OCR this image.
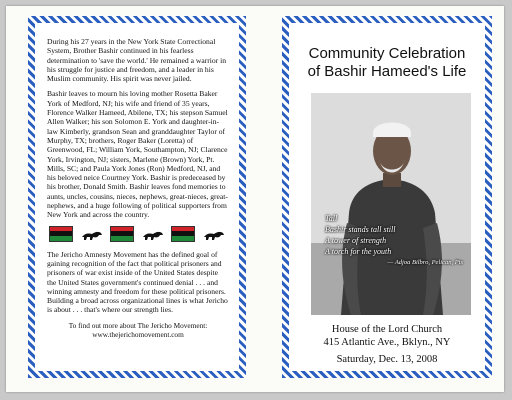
During his 27 years in the New York State Correctional System, Brother Bashir continued in his fearless determination to 'save the world.' He remained a warrior in his struggle for justice and freedom, and a leader in his Muslim community. His spirit was never jailed.

Bashir leaves to mourn his loving mother Rosetta Baker York of Medford, NJ; his wife and friend of 35 years, Florence Walker Hameed, Abilene, TX; his stepson Samuel Allen Walker; his son Solomon E. York and daughter-in-law Kimberly, grandson Sean and granddaughter Taylor of Murphy, TX; brothers, Roger Baker (Loretta) of Greenwood, FL; William York, Southampton, NJ; Clarence York, Irvington, NJ; sisters, Marlene (Brown) York, Pt. Mills, SC; and Paula York Jones (Ron) Medford, NJ, and his beloved neice Courtney York. Bashir is predeceased by his brother, Donald Smith. Bashir leaves fond memories to aunts, uncles, cousins, nieces, nephews, great-nieces, great-nephews, and a huge following of political supporters from New York and across the country.

The Jericho Amnesty Movement has the defined goal of gaining recognition of the fact that political prisoners and prisoners of war exist inside of the United States despite the United States government's continued denial . . . and winning amnesty and freedom for these political prisoners. Building a broad across organizational lines is what Jericho is about . . . that's where our strength lies.

To find out more about The Jericho Movement:
www.thejerichomovement.com
Community Celebration
of Bashir Hameed's Life
Tall
Bashir stands tall still
A tower of strength
A torch for the youth
— Adjoa Bilbro, Pelican, Pts
House of the Lord Church
415 Atlantic Ave., Bklyn., NY
Saturday, Dec. 13, 2008
